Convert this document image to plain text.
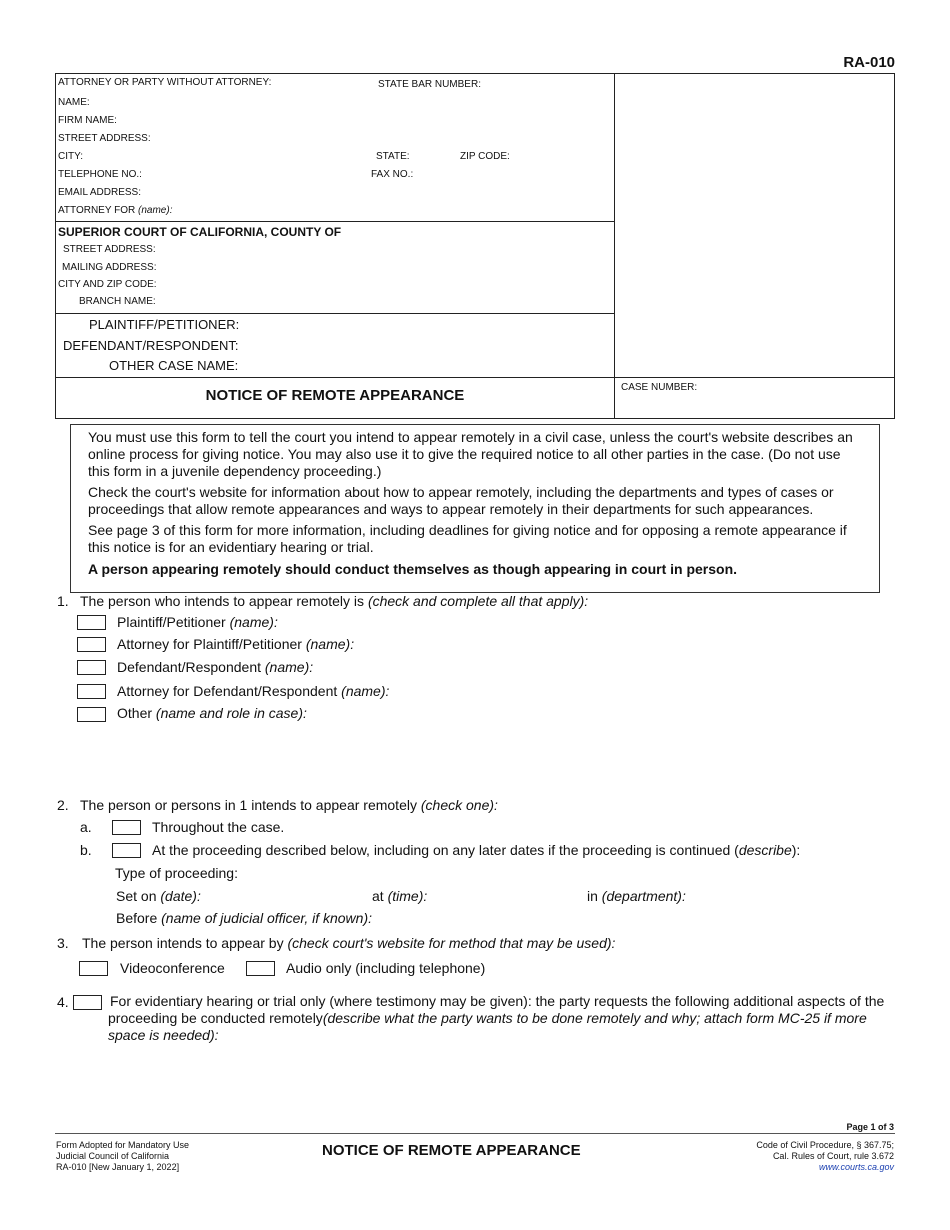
RA-010
ATTORNEY OR PARTY WITHOUT ATTORNEY:	STATE BAR NUMBER:
NAME:
FIRM NAME:
STREET ADDRESS:
CITY:	STATE:	ZIP CODE:
TELEPHONE NO.:	FAX NO.:
EMAIL ADDRESS:
ATTORNEY FOR (name):
SUPERIOR COURT OF CALIFORNIA, COUNTY OF
STREET ADDRESS:
MAILING ADDRESS:
CITY AND ZIP CODE:
BRANCH NAME:
PLAINTIFF/PETITIONER:
DEFENDANT/RESPONDENT:
OTHER CASE NAME:
NOTICE OF REMOTE APPEARANCE	CASE NUMBER:
You must use this form to tell the court you intend to appear remotely in a civil case, unless the court's website describes an online process for giving notice. You may also use it to give the required notice to all other parties in the case. (Do not use this form in a juvenile dependency proceeding.)
Check the court's website for information about how to appear remotely, including the departments and types of cases or proceedings that allow remote appearances and ways to appear remotely in their departments for such appearances.
See page 3 of this form for more information, including deadlines for giving notice and for opposing a remote appearance if this notice is for an evidentiary hearing or trial.
A person appearing remotely should conduct themselves as though appearing in court in person.
1. The person who intends to appear remotely is (check and complete all that apply):
Plaintiff/Petitioner (name):
Attorney for Plaintiff/Petitioner (name):
Defendant/Respondent (name):
Attorney for Defendant/Respondent (name):
Other (name and role in case):
2. The person or persons in 1 intends to appear remotely (check one):
a.	Throughout the case.
b.	At the proceeding described below, including on any later dates if the proceeding is continued (describe):
Type of proceeding:
Set on (date):	at (time):	in (department):
Before (name of judicial officer, if known):
3. The person intends to appear by (check court's website for method that may be used):
Videoconference	Audio only (including telephone)
4.	For evidentiary hearing or trial only (where testimony may be given): the party requests the following additional aspects of the proceeding be conducted remotely(describe what the party wants to be done remotely and why; attach form MC-25 if more space is needed):
Page 1 of 3
Form Adopted for Mandatory Use
Judicial Council of California
RA-010 [New January 1, 2022]
NOTICE OF REMOTE APPEARANCE	Code of Civil Procedure, § 367.75;
Cal. Rules of Court, rule 3.672
www.courts.ca.gov
